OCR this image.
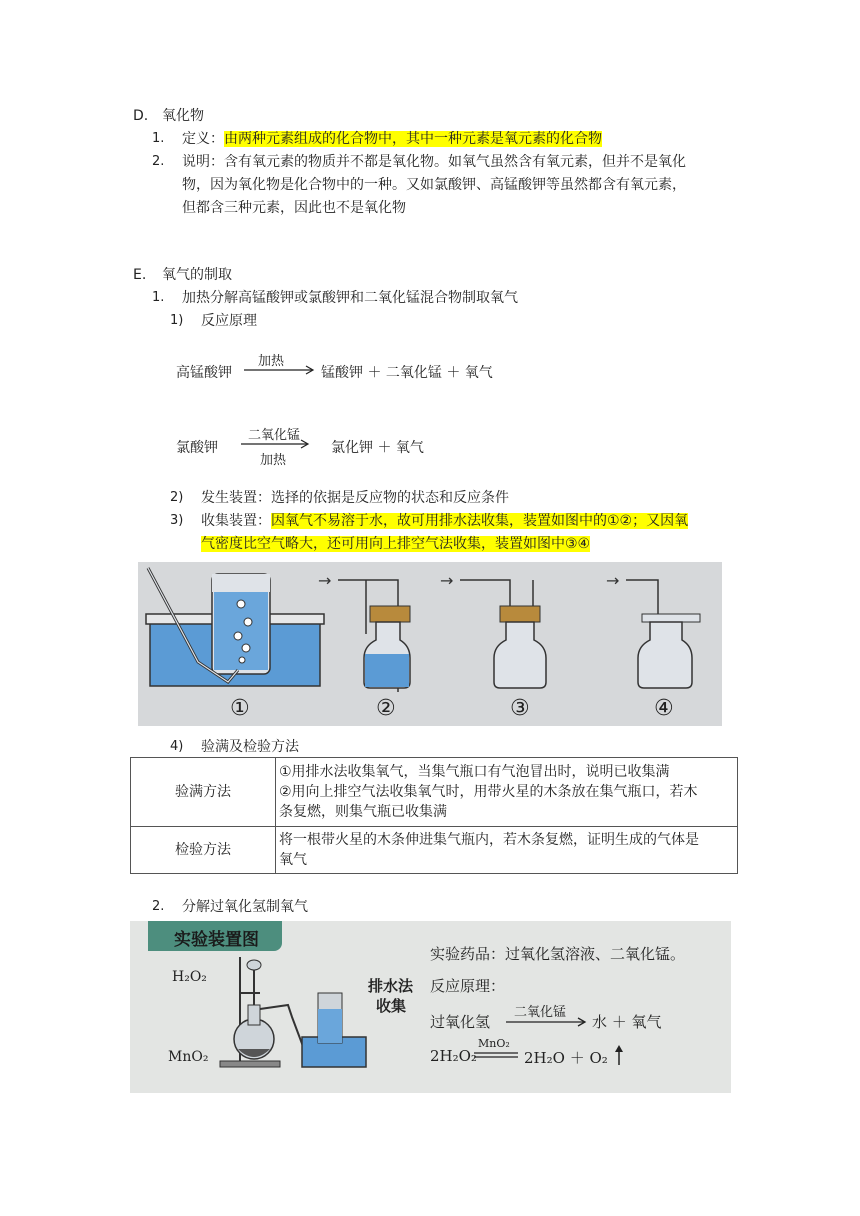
D. 氧化物
1. 定义：由两种元素组成的化合物中，其中一种元素是氧元素的化合物
2. 说明：含有氧元素的物质并不都是氧化物。如氧气虽然含有氧元素，但并不是氧化
物，因为氧化物是化合物中的一种。又如氯酸钾、高锰酸钾等虽然都含有氧元素，
但都含三种元素，因此也不是氧化物
E. 氧气的制取
1. 加热分解高锰酸钾或氯酸钾和二氧化锰混合物制取氧气
1) 反应原理
高锰酸钾
加热
锰酸钾 ＋ 二氧化锰 ＋ 氧气
氯酸钾
二氧化锰
加热
氯化钾 ＋ 氧气
2) 发生装置：选择的依据是反应物的状态和反应条件
3) 收集装置：因氧气不易溶于水，故可用排水法收集，装置如图中的①②；又因氧
气密度比空气略大，还可用向上排空气法收集，装置如图中③④
→	→	→
①	②	③	④
4) 验满及检验方法
验满方法	①用排水法收集氧气，当集气瓶口有气泡冒出时，说明已收集满
②用向上排空气法收集氧气时，用带火星的木条放在集气瓶口，若木
条复燃，则集气瓶已收集满

检验方法	将一根带火星的木条伸进集气瓶内，若木条复燃，证明生成的气体是
氧气
2. 分解过氧化氢制氧气
实验装置图
H₂O₂
MnO₂
排水法
收集
实验药品：过氧化氢溶液、二氧化锰。
反应原理：
过氧化氢
二氧化锰
水 ＋ 氧气
2H₂O₂
MnO₂
2H₂O ＋ O₂
